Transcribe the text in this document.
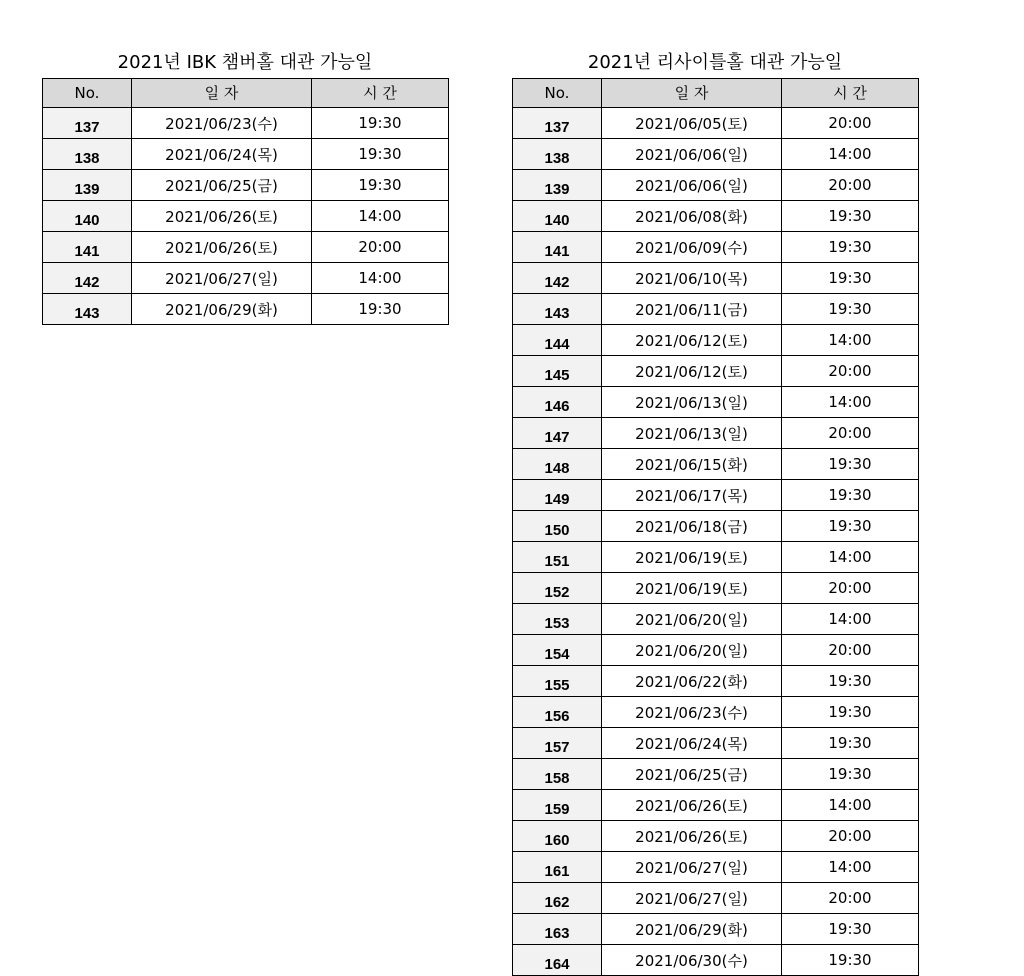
2021년 IBK 챔버홀 대관 가능일
No.	일 자	시 간
137	2021/06/23(수)	19:30
138	2021/06/24(목)	19:30
139	2021/06/25(금)	19:30
140	2021/06/26(토)	14:00
141	2021/06/26(토)	20:00
142	2021/06/27(일)	14:00
143	2021/06/29(화)	19:30
2021년 리사이틀홀 대관 가능일
No.	일 자	시 간
137	2021/06/05(토)	20:00
138	2021/06/06(일)	14:00
139	2021/06/06(일)	20:00
140	2021/06/08(화)	19:30
141	2021/06/09(수)	19:30
142	2021/06/10(목)	19:30
143	2021/06/11(금)	19:30
144	2021/06/12(토)	14:00
145	2021/06/12(토)	20:00
146	2021/06/13(일)	14:00
147	2021/06/13(일)	20:00
148	2021/06/15(화)	19:30
149	2021/06/17(목)	19:30
150	2021/06/18(금)	19:30
151	2021/06/19(토)	14:00
152	2021/06/19(토)	20:00
153	2021/06/20(일)	14:00
154	2021/06/20(일)	20:00
155	2021/06/22(화)	19:30
156	2021/06/23(수)	19:30
157	2021/06/24(목)	19:30
158	2021/06/25(금)	19:30
159	2021/06/26(토)	14:00
160	2021/06/26(토)	20:00
161	2021/06/27(일)	14:00
162	2021/06/27(일)	20:00
163	2021/06/29(화)	19:30
164	2021/06/30(수)	19:30
